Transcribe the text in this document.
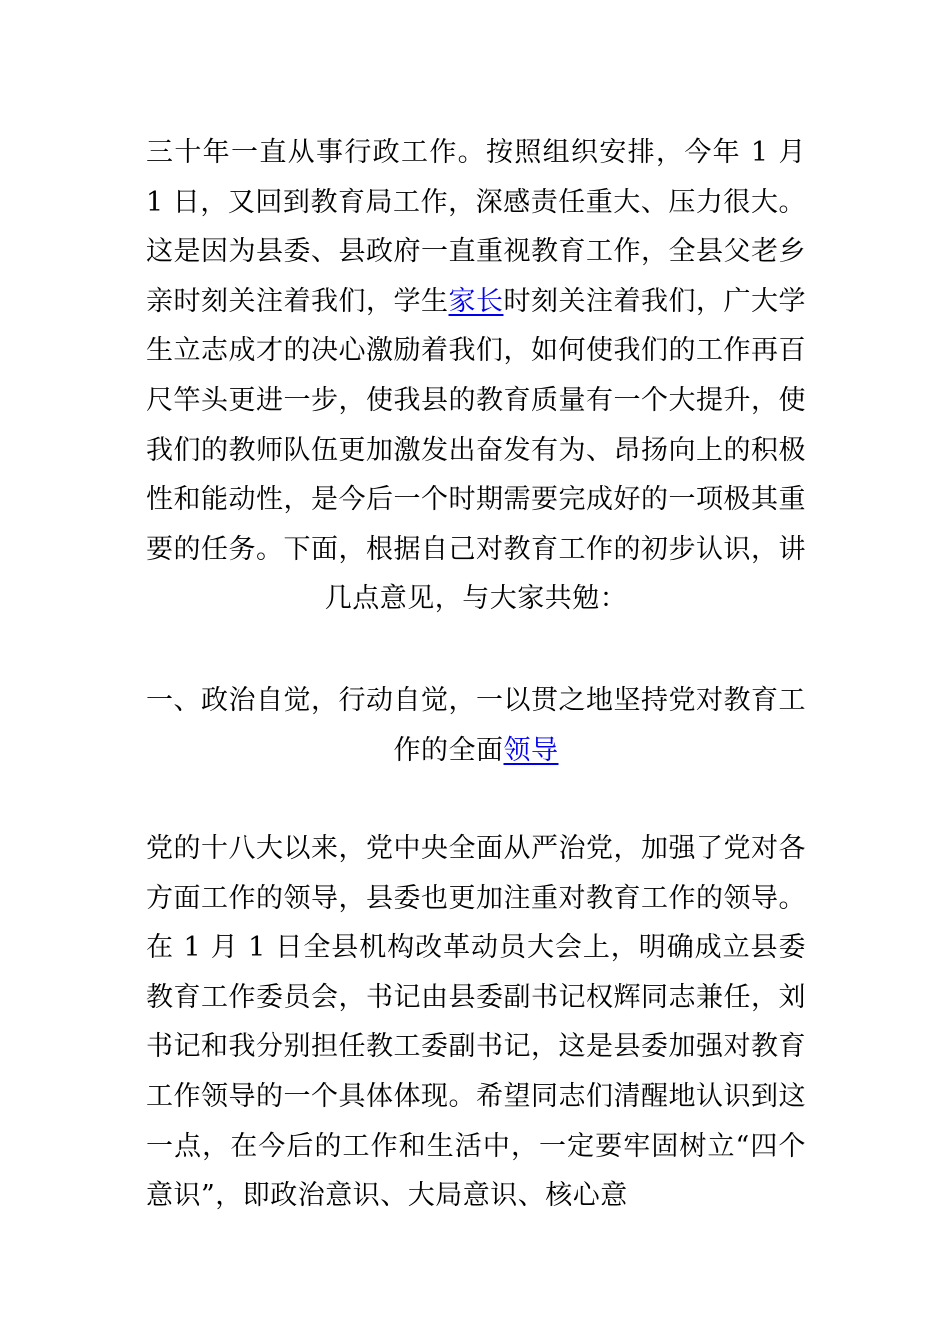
三十年一直从事行政工作。按照组织安排，今年 1 月 1 日，又回到教育局工作，深感责任重大、压力很大。这是因为县委、县政府一直重视教育工作，全县父老乡亲时刻关注着我们，学生家长时刻关注着我们，广大学生立志成才的决心激励着我们，如何使我们的工作再百尺竿头更进一步，使我县的教育质量有一个大提升，使我们的教师队伍更加激发出奋发有为、昂扬向上的积极性和能动性，是今后一个时期需要完成好的一项极其重要的任务。下面，根据自己对教育工作的初步认识，讲几点意见，与大家共勉：

一、政治自觉，行动自觉，一以贯之地坚持党对教育工作的全面领导

党的十八大以来，党中央全面从严治党，加强了党对各方面工作的领导，县委也更加注重对教育工作的领导。在 1 月 1 日全县机构改革动员大会上，明确成立县委教育工作委员会，书记由县委副书记权辉同志兼任，刘书记和我分别担任教工委副书记，这是县委加强对教育工作领导的一个具体体现。希望同志们清醒地认识到这一点，在今后的工作和生活中，一定要牢固树立“四个意识”，即政治意识、大局意识、核心意
